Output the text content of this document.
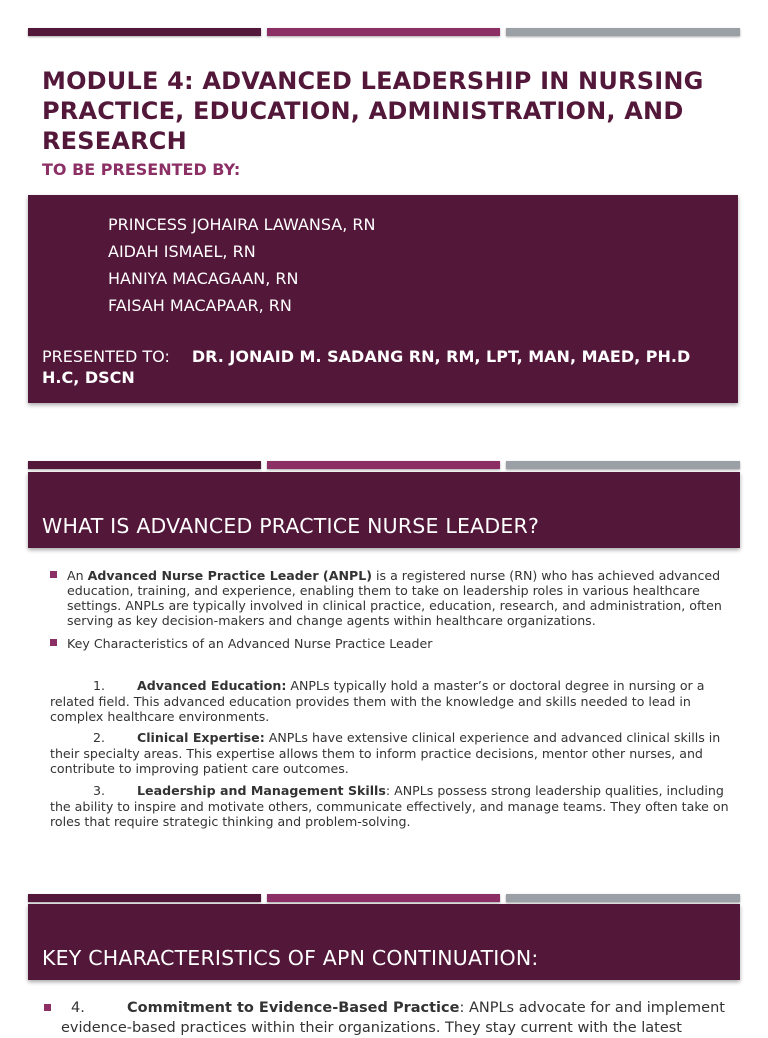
MODULE 4: ADVANCED LEADERSHIP IN NURSING PRACTICE, EDUCATION, ADMINISTRATION, AND RESEARCH

TO BE PRESENTED BY:

PRINCESS JOHAIRA LAWANSA, RN
AIDAH ISMAEL, RN
HANIYA MACAGAAN, RN
FAISAH MACAPAAR, RN
PRESENTED TO: DR. JONAID M. SADANG RN, RM, LPT, MAN, MAED, PH.D H.C, DSCN
WHAT IS ADVANCED PRACTICE NURSE LEADER?
An Advanced Nurse Practice Leader (ANPL) is a registered nurse (RN) who has achieved advanced education, training, and experience, enabling them to take on leadership roles in various healthcare settings. ANPLs are typically involved in clinical practice, education, research, and administration, often serving as key decision-makers and change agents within healthcare organizations.
Key Characteristics of an Advanced Nurse Practice Leader
1.	Advanced Education: ANPLs typically hold a master’s or doctoral degree in nursing or a related field. This advanced education provides them with the knowledge and skills needed to lead in complex healthcare environments.
2.	Clinical Expertise: ANPLs have extensive clinical experience and advanced clinical skills in their specialty areas. This expertise allows them to inform practice decisions, mentor other nurses, and contribute to improving patient care outcomes.
3.	Leadership and Management Skills: ANPLs possess strong leadership qualities, including the ability to inspire and motivate others, communicate effectively, and manage teams. They often take on roles that require strategic thinking and problem-solving.
KEY CHARACTERISTICS OF APN CONTINUATION:
4.	Commitment to Evidence-Based Practice: ANPLs advocate for and implement evidence-based practices within their organizations. They stay current with the latest
